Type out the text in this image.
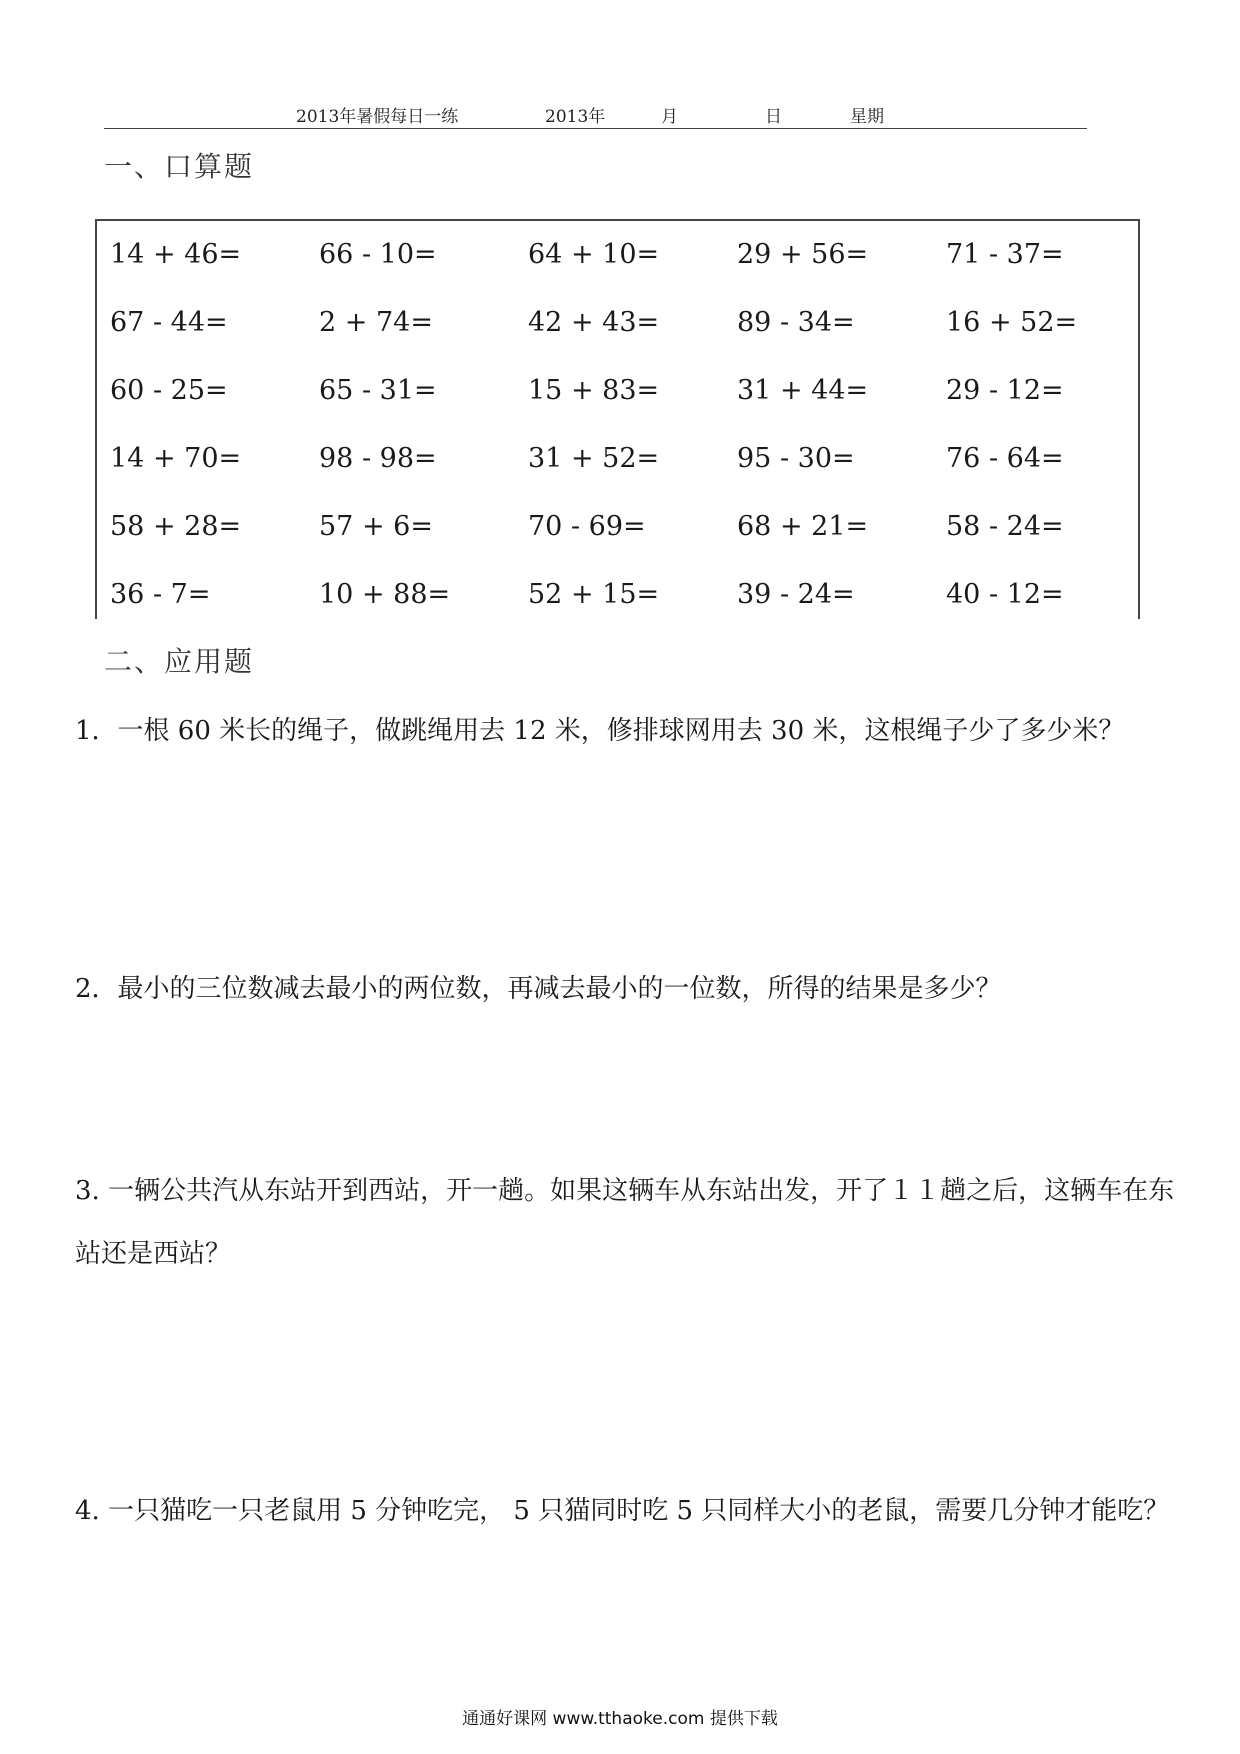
2013年暑假每日一练	2013年	月	日	星期
一、口算题
14 + 46=	66 - 10=	64 + 10=	29 + 56=	71 - 37=
67 - 44=	2 + 74=	42 + 43=	89 - 34=	16 + 52=
60 - 25=	65 - 31=	15 + 83=	31 + 44=	29 - 12=
14 + 70=	98 - 98=	31 + 52=	95 - 30=	76 - 64=
58 + 28=	57 + 6=	70 - 69=	68 + 21=	58 - 24=
36 - 7=	10 + 88=	52 + 15=	39 - 24=	40 - 12=
二、应用题
1．一根 60 米长的绳子，做跳绳用去 12 米，修排球网用去 30 米，这根绳子少了多少米？
2．最小的三位数减去最小的两位数，再减去最小的一位数，所得的结果是多少？
3. 一辆公共汽从东站开到西站，开一趟。如果这辆车从东站出发，开了１１趟之后，这辆车在东站还是西站？
4. 一只猫吃一只老鼠用 5 分钟吃完， 5 只猫同时吃 5 只同样大小的老鼠，需要几分钟才能吃？
通通好课网 www.tthaoke.com 提供下载
